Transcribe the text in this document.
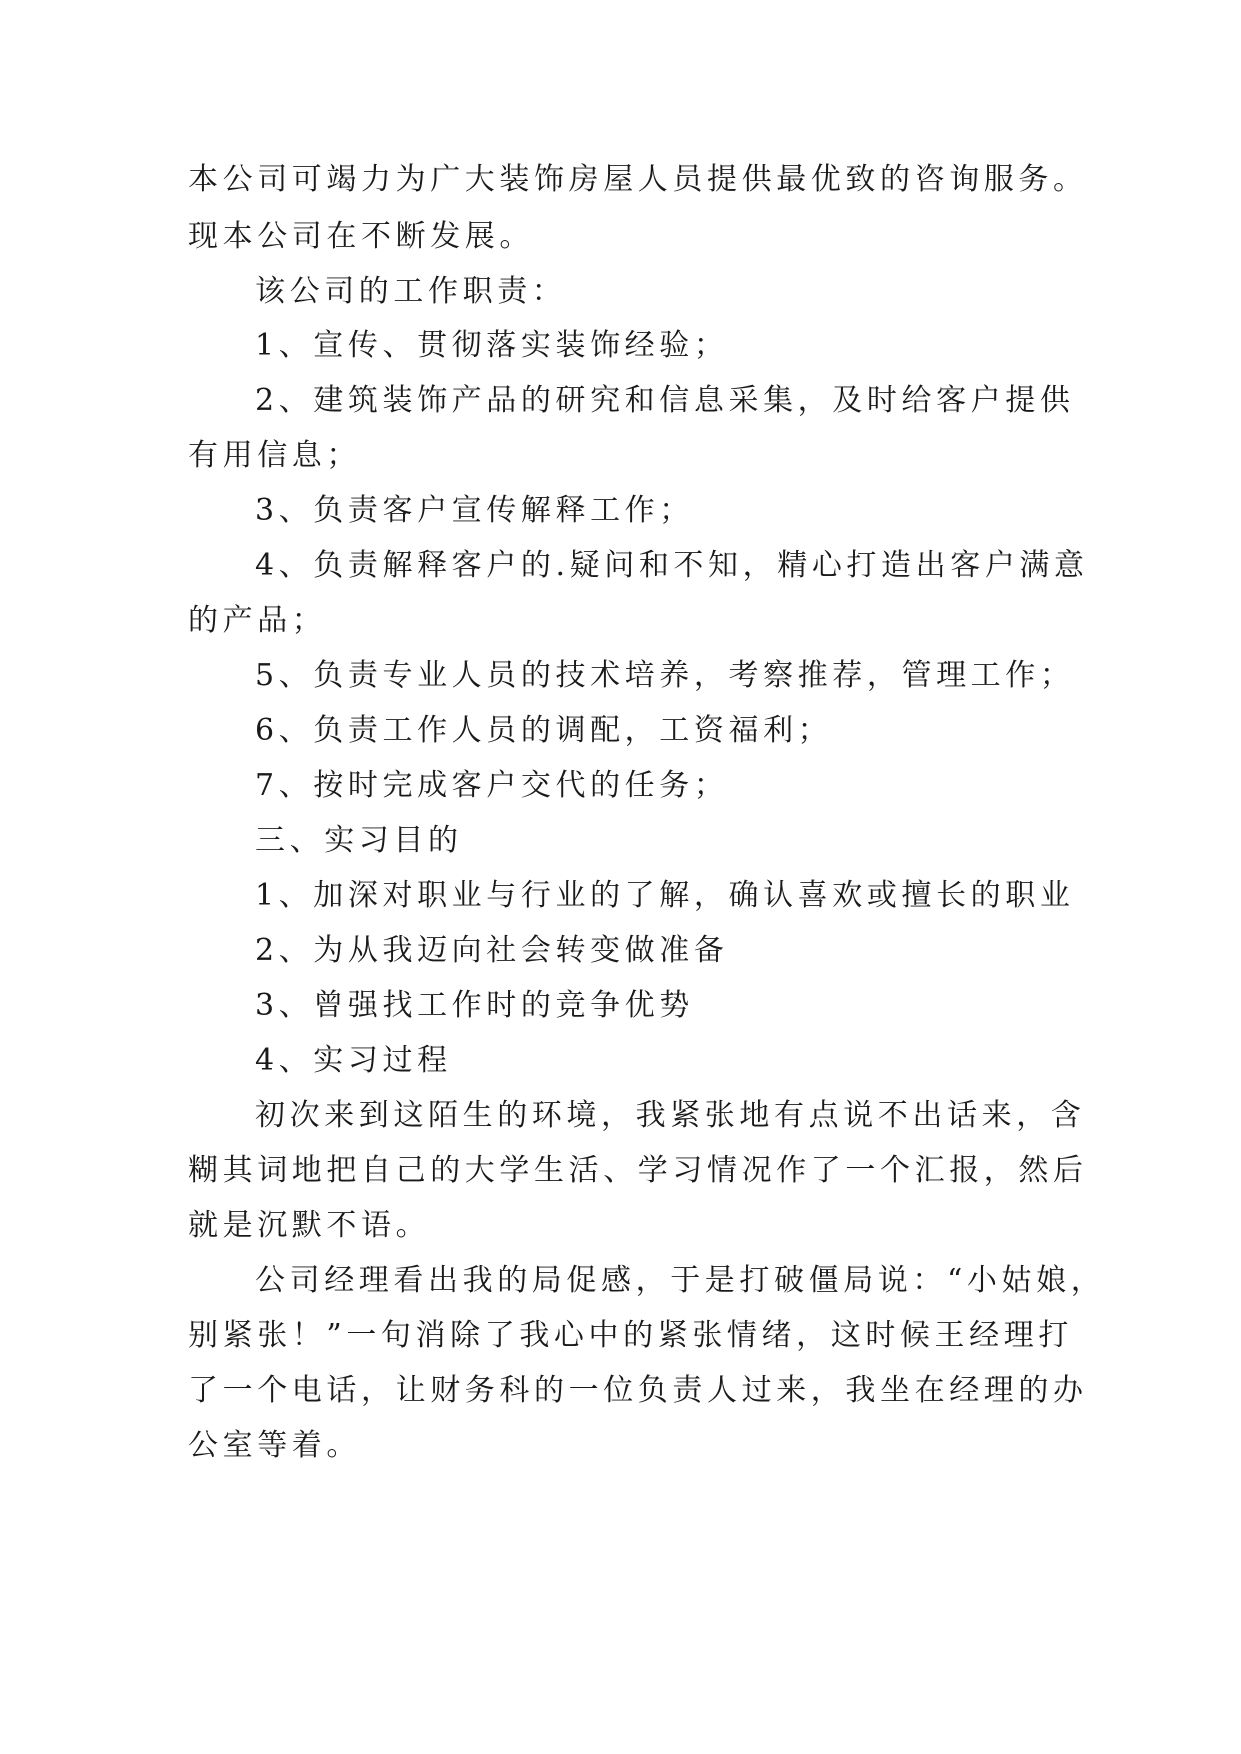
本公司可竭力为广大装饰房屋人员提供最优致的咨询服务。
现本公司在不断发展。
该公司的工作职责：
1、宣传、贯彻落实装饰经验；
2、建筑装饰产品的研究和信息采集，及时给客户提供
有用信息；
3、负责客户宣传解释工作；
4、负责解释客户的.疑问和不知，精心打造出客户满意
的产品；
5、负责专业人员的技术培养，考察推荐，管理工作；
6、负责工作人员的调配，工资福利；
7、按时完成客户交代的任务；
三、实习目的
1、加深对职业与行业的了解，确认喜欢或擅长的职业
2、为从我迈向社会转变做准备
3、曾强找工作时的竞争优势
4、实习过程
初次来到这陌生的环境，我紧张地有点说不出话来，含
糊其词地把自己的大学生活、学习情况作了一个汇报，然后
就是沉默不语。
公司经理看出我的局促感，于是打破僵局说：“小姑娘，
别紧张！”一句消除了我心中的紧张情绪，这时候王经理打
了一个电话，让财务科的一位负责人过来，我坐在经理的办
公室等着。
